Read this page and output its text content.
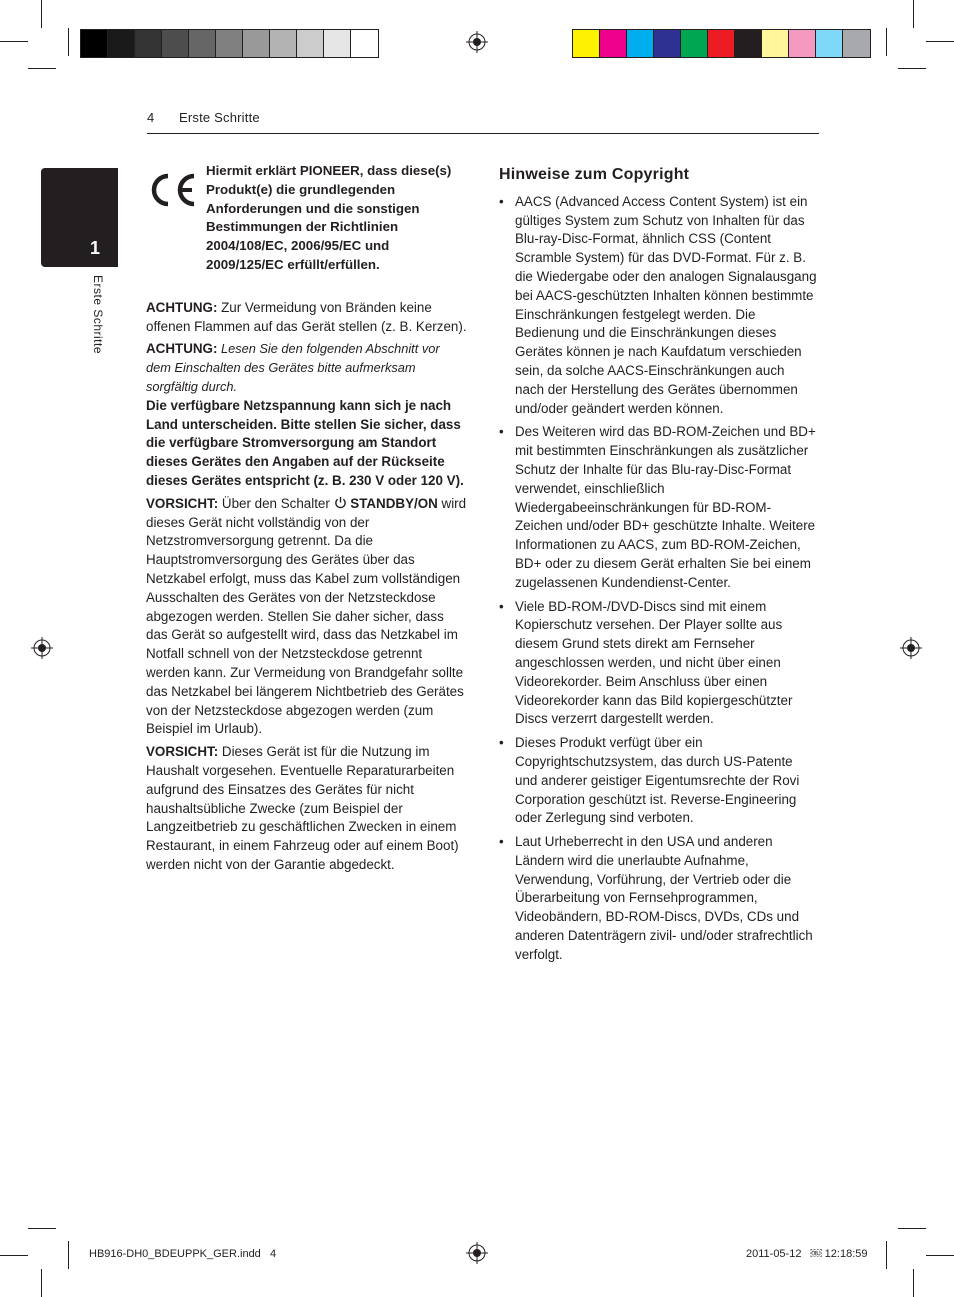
4 Erste Schritte
1
Erste Schritte
Hiermit erklärt PIONEER, dass diese(s) Produkt(e) die grundlegenden Anforderungen und die sonstigen Bestimmungen der Richtlinien 2004/108/EC, 2006/95/EC und 2009/125/EC erfüllt/erfüllen.

ACHTUNG: Zur Vermeidung von Bränden keine offenen Flammen auf das Gerät stellen (z. B. Kerzen).

ACHTUNG: Lesen Sie den folgenden Abschnitt vor dem Einschalten des Gerätes bitte aufmerksam sorgfältig durch.

Die verfügbare Netzspannung kann sich je nach Land unterscheiden. Bitte stellen Sie sicher, dass die verfügbare Stromversorgung am Standort dieses Gerätes den Angaben auf der Rückseite dieses Gerätes entspricht (z. B. 230 V oder 120 V).

VORSICHT: Über den Schalter  STANDBY/ON wird dieses Gerät nicht vollständig von der Netzstromversorgung getrennt. Da die Hauptstromversorgung des Gerätes über das Netzkabel erfolgt, muss das Kabel zum vollständigen Ausschalten des Gerätes von der Netzsteckdose abgezogen werden. Stellen Sie daher sicher, dass das Gerät so aufgestellt wird, dass das Netzkabel im Notfall schnell von der Netzsteckdose getrennt werden kann. Zur Vermeidung von Brandgefahr sollte das Netzkabel bei längerem Nichtbetrieb des Gerätes von der Netzsteckdose abgezogen werden (zum Beispiel im Urlaub).

VORSICHT: Dieses Gerät ist für die Nutzung im Haushalt vorgesehen. Eventuelle Reparaturarbeiten aufgrund des Einsatzes des Gerätes für nicht haushaltsübliche Zwecke (zum Beispiel der Langzeitbetrieb zu geschäftlichen Zwecken in einem Restaurant, in einem Fahrzeug oder auf einem Boot) werden nicht von der Garantie abgedeckt.

Hinweise zum Copyright
• AACS (Advanced Access Content System) ist ein gültiges System zum Schutz von Inhalten für das Blu-ray-Disc-Format, ähnlich CSS (Content Scramble System) für das DVD-Format. Für z. B. die Wiedergabe oder den analogen Signalausgang bei AACS-geschützten Inhalten können bestimmte Einschränkungen festgelegt werden. Die Bedienung und die Einschränkungen dieses Gerätes können je nach Kaufdatum verschieden sein, da solche AACS-Einschränkungen auch nach der Herstellung des Gerätes übernommen und/oder geändert werden können.
• Des Weiteren wird das BD-ROM-Zeichen und BD+ mit bestimmten Einschränkungen als zusätzlicher Schutz der Inhalte für das Blu-ray-Disc-Format verwendet, einschließlich Wiedergabeeinschränkungen für BD-ROM-Zeichen und/oder BD+ geschützte Inhalte. Weitere Informationen zu AACS, zum BD-ROM-Zeichen, BD+ oder zu diesem Gerät erhalten Sie bei einem zugelassenen Kundendienst-Center.
• Viele BD-ROM-/DVD-Discs sind mit einem Kopierschutz versehen. Der Player sollte aus diesem Grund stets direkt am Fernseher angeschlossen werden, und nicht über einen Videorekorder. Beim Anschluss über einen Videorekorder kann das Bild kopiergeschützter Discs verzerrt dargestellt werden.
• Dieses Produkt verfügt über ein Copyrightschutzsystem, das durch US-Patente und anderer geistiger Eigentumsrechte der Rovi Corporation geschützt ist. Reverse-Engineering oder Zerlegung sind verboten.
• Laut Urheberrecht in den USA und anderen Ländern wird die unerlaubte Aufnahme, Verwendung, Vorführung, der Vertrieb oder die Überarbeitung von Fernsehprogrammen, Videobändern, BD-ROM-Discs, DVDs, CDs und anderen Datenträgern zivil- und/oder strafrechtlich verfolgt.
HB916-DH0_BDEUPPK_GER.indd   4	2011-05-12   ￼ 12:18:59
